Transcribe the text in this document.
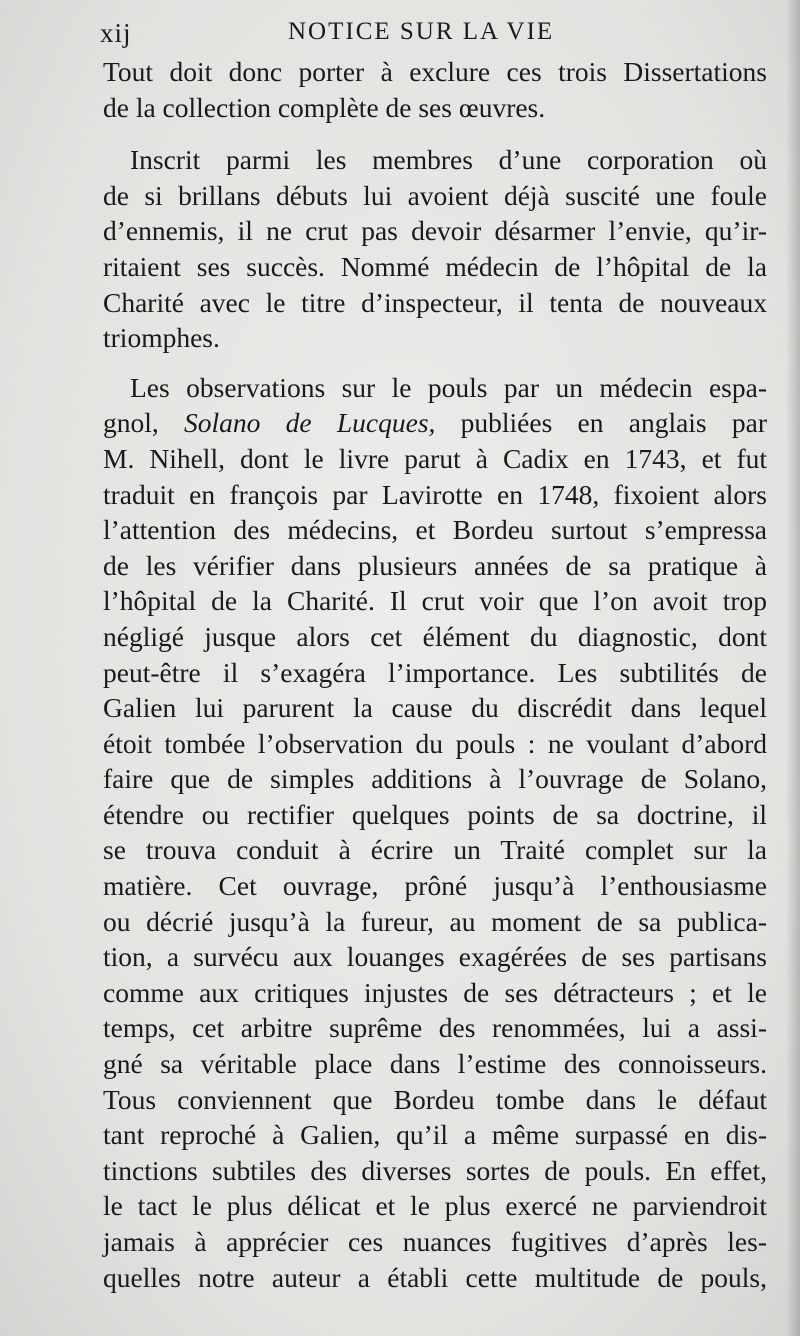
xij	NOTICE SUR LA VIE
Tout doit donc porter à exclure ces trois Dissertations
de la collection complète de ses œuvres.
Inscrit parmi les membres d’une corporation où
de si brillans débuts lui avoient déjà suscité une foule
d’ennemis, il ne crut pas devoir désarmer l’envie, qu’ir-
ritaient ses succès. Nommé médecin de l’hôpital de la
Charité avec le titre d’inspecteur, il tenta de nouveaux
triomphes.
Les observations sur le pouls par un médecin espa-
gnol, Solano de Lucques, publiées en anglais par
M. Nihell, dont le livre parut à Cadix en 1743, et fut
traduit en françois par Lavirotte en 1748, fixoient alors
l’attention des médecins, et Bordeu surtout s’empressa
de les vérifier dans plusieurs années de sa pratique à
l’hôpital de la Charité. Il crut voir que l’on avoit trop
négligé jusque alors cet élément du diagnostic, dont
peut-être il s’exagéra l’importance. Les subtilités de
Galien lui parurent la cause du discrédit dans lequel
étoit tombée l’observation du pouls : ne voulant d’abord
faire que de simples additions à l’ouvrage de Solano,
étendre ou rectifier quelques points de sa doctrine, il
se trouva conduit à écrire un Traité complet sur la
matière. Cet ouvrage, prôné jusqu’à l’enthousiasme
ou décrié jusqu’à la fureur, au moment de sa publica-
tion, a survécu aux louanges exagérées de ses partisans
comme aux critiques injustes de ses détracteurs ; et le
temps, cet arbitre suprême des renommées, lui a assi-
gné sa véritable place dans l’estime des connoisseurs.
Tous conviennent que Bordeu tombe dans le défaut
tant reproché à Galien, qu’il a même surpassé en dis-
tinctions subtiles des diverses sortes de pouls. En effet,
le tact le plus délicat et le plus exercé ne parviendroit
jamais à apprécier ces nuances fugitives d’après les-
quelles notre auteur a établi cette multitude de pouls,
